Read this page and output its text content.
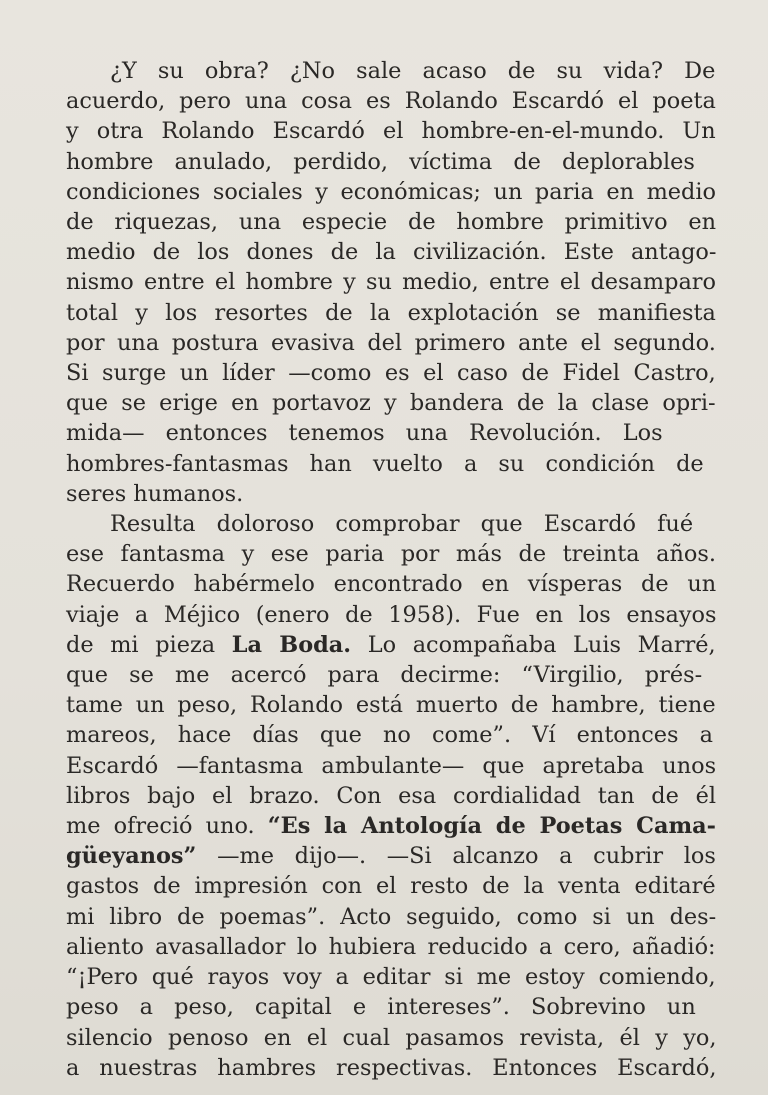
¿Y su obra? ¿No sale acaso de su vida? De
acuerdo, pero una cosa es Rolando Escardó el poeta
y otra Rolando Escardó el hombre-en-el-mundo. Un
hombre anulado, perdido, víctima de deplorables
condiciones sociales y económicas; un paria en medio
de riquezas, una especie de hombre primitivo en
medio de los dones de la civilización. Este antago-
nismo entre el hombre y su medio, entre el desamparo
total y los resortes de la explotación se manifiesta
por una postura evasiva del primero ante el segundo.
Si surge un líder —como es el caso de Fidel Castro,
que se erige en portavoz y bandera de la clase opri-
mida— entonces tenemos una Revolución. Los
hombres-fantasmas han vuelto a su condición de
seres humanos.
Resulta doloroso comprobar que Escardó fué
ese fantasma y ese paria por más de treinta años.
Recuerdo habérmelo encontrado en vísperas de un
viaje a Méjico (enero de 1958). Fue en los ensayos
de mi pieza La Boda. Lo acompañaba Luis Marré,
que se me acercó para decirme: “Virgilio, prés-
tame un peso, Rolando está muerto de hambre, tiene
mareos, hace días que no come”. Ví entonces a
Escardó —fantasma ambulante— que apretaba unos
libros bajo el brazo. Con esa cordialidad tan de él
me ofreció uno. “Es la Antología de Poetas Cama-
güeyanos” —me dijo—. —Si alcanzo a cubrir los
gastos de impresión con el resto de la venta editaré
mi libro de poemas”. Acto seguido, como si un des-
aliento avasallador lo hubiera reducido a cero, añadió:
“¡Pero qué rayos voy a editar si me estoy comiendo,
peso a peso, capital e intereses”. Sobrevino un
silencio penoso en el cual pasamos revista, él y yo,
a nuestras hambres respectivas. Entonces Escardó,
